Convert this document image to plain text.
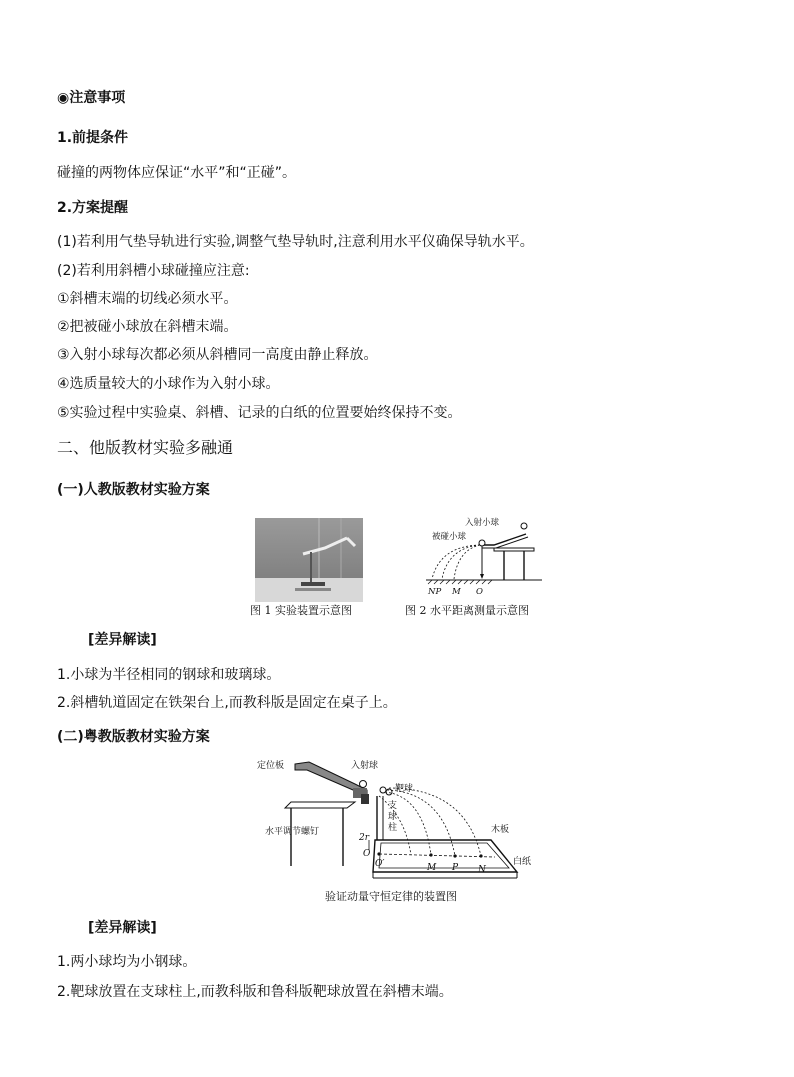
◉注意事项
1.前提条件
碰撞的两物体应保证“水平”和“正碰”。
2.方案提醒
(1)若利用气垫导轨进行实验,调整气垫导轨时,注意利用水平仪确保导轨水平。
(2)若利用斜槽小球碰撞应注意:
①斜槽末端的切线必须水平。
②把被碰小球放在斜槽末端。
③入射小球每次都必须从斜槽同一高度由静止释放。
④选质量较大的小球作为入射小球。
⑤实验过程中实验桌、斜槽、记录的白纸的位置要始终保持不变。
二、他版教材实验多融通
(一)人教版教材实验方案
图 1 实验装置示意图
入射小球
被碰小球
NP M O
图 2 水平距离测量示意图
[差异解读]
1.小球为半径相同的钢球和玻璃球。
2.斜槽轨道固定在铁架台上,而教科版是固定在桌子上。
(二)粤教版教材实验方案
定位板	入射球
靶球
支
球
柱
水平调节螺钉
2r
O
O′	M P N
木板
白纸
验证动量守恒定律的装置图
[差异解读]
1.两小球均为小钢球。
2.靶球放置在支球柱上,而教科版和鲁科版靶球放置在斜槽末端。
